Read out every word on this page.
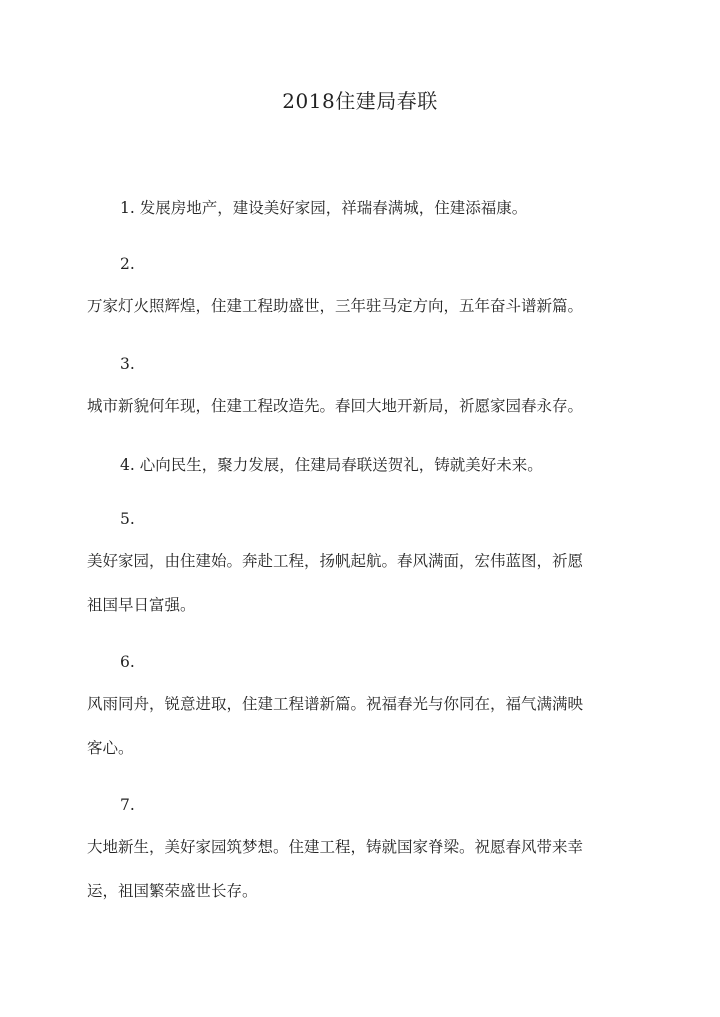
2018住建局春联
1. 发展房地产，建设美好家园，祥瑞春满城，住建添福康。
2.
万家灯火照辉煌，住建工程助盛世，三年驻马定方向，五年奋斗谱新篇。
3.
城市新貌何年现，住建工程改造先。春回大地开新局，祈愿家园春永存。
4. 心向民生，聚力发展，住建局春联送贺礼，铸就美好未来。
5.
美好家园，由住建始。奔赴工程，扬帆起航。春风满面，宏伟蓝图，祈愿
祖国早日富强。
6.
风雨同舟，锐意进取，住建工程谱新篇。祝福春光与你同在，福气满满映
客心。
7.
大地新生，美好家园筑梦想。住建工程，铸就国家脊梁。祝愿春风带来幸
运，祖国繁荣盛世长存。
